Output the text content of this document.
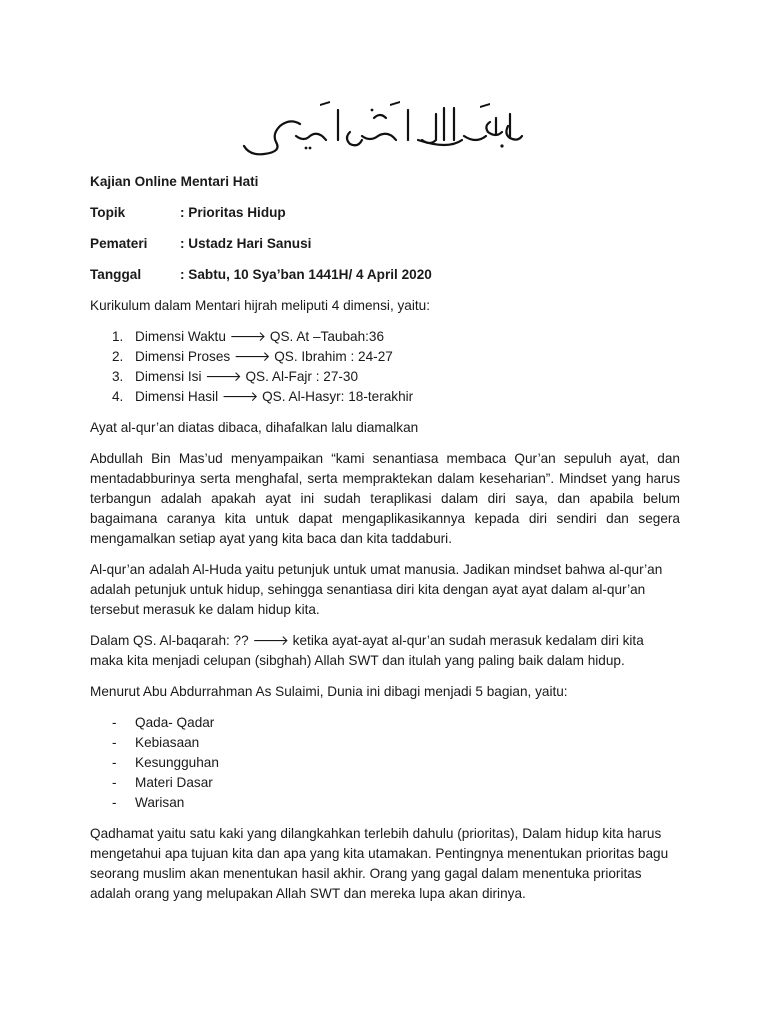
Kajian Online Mentari Hati
Topik	: Prioritas Hidup
Pemateri	: Ustadz Hari Sanusi
Tanggal	: Sabtu, 10 Sya’ban 1441H/ 4 April 2020

Kurikulum dalam Mentari hijrah meliputi 4 dimensi, yaitu:

1. Dimensi Waktu 🡒 QS. At –Taubah:36
2. Dimensi Proses 🡒 QS. Ibrahim : 24-27
3. Dimensi Isi 🡒 QS. Al-Fajr : 27-30
4. Dimensi Hasil 🡒 QS. Al-Hasyr: 18-terakhir

Ayat al-qur’an diatas dibaca, dihafalkan lalu diamalkan

Abdullah Bin Mas’ud menyampaikan “kami senantiasa membaca Qur’an sepuluh ayat, dan mentadabburinya serta menghafal, serta mempraktekan dalam keseharian”. Mindset yang harus terbangun adalah apakah ayat ini sudah teraplikasi dalam diri saya, dan apabila belum bagaimana caranya kita untuk dapat mengaplikasikannya kepada diri sendiri dan segera mengamalkan setiap ayat yang kita baca dan kita taddaburi.

Al-qur’an adalah Al-Huda yaitu petunjuk untuk umat manusia. Jadikan mindset bahwa al-qur’an adalah petunjuk untuk hidup, sehingga senantiasa diri kita dengan ayat ayat dalam al-qur’an tersebut merasuk ke dalam hidup kita.

Dalam QS. Al-baqarah: ?? 🡒 ketika ayat-ayat al-qur’an sudah merasuk kedalam diri kita maka kita menjadi celupan (sibghah) Allah SWT dan itulah yang paling baik dalam hidup.

Menurut Abu Abdurrahman As Sulaimi, Dunia ini dibagi menjadi 5 bagian, yaitu:

-	Qada- Qadar
-	Kebiasaan
-	Kesungguhan
-	Materi Dasar
-	Warisan

Qadhamat yaitu satu kaki yang dilangkahkan terlebih dahulu (prioritas), Dalam hidup kita harus mengetahui apa tujuan kita dan apa yang kita utamakan. Pentingnya menentukan prioritas bagu seorang muslim akan menentukan hasil akhir. Orang yang gagal dalam menentuka prioritas adalah orang yang melupakan Allah SWT dan mereka lupa akan dirinya.
